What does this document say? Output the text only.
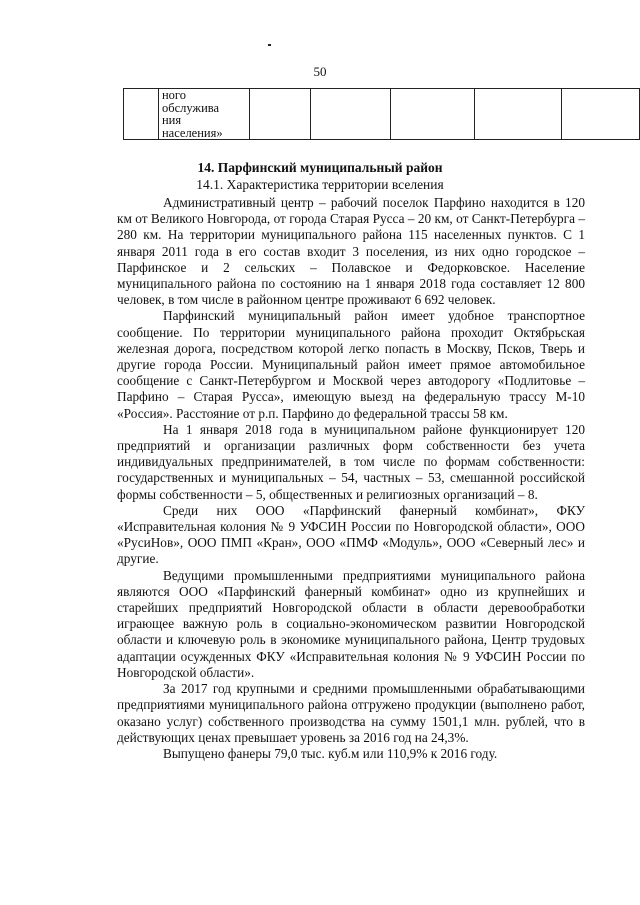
50

ного
обслужива
ния
населения»

14. Парфинский муниципальный район
14.1. Характеристика территории вселения

Административный центр – рабочий поселок Парфино находится в 120 км от Великого Новгорода, от города Старая Русса – 20 км, от Санкт-Петербурга – 280 км. На территории муниципального района 115 населенных пунктов. С 1 января 2011 года в его состав входит 3 поселения, из них одно городское – Парфинское и 2 сельских – Полавское и Федорковское. Население муниципального района по состоянию на 1 января 2018 года составляет 12 800 человек, в том числе в районном центре проживают 6 692 человек.

Парфинский муниципальный район имеет удобное транспортное сообщение. По территории муниципального района проходит Октябрьская железная дорога, посредством которой легко попасть в Москву, Псков, Тверь и другие города России. Муниципальный район имеет прямое автомобильное сообщение с Санкт-Петербургом и Москвой через автодорогу «Подлитовье – Парфино – Старая Русса», имеющую выезд на федеральную трассу М-10 «Россия». Расстояние от р.п. Парфино до федеральной трассы 58 км.

На 1 января 2018 года в муниципальном районе функционирует 120 предприятий и организации различных форм собственности без учета индивидуальных предпринимателей, в том числе по формам собственности: государственных и муниципальных – 54, частных – 53, смешанной российской формы собственности – 5, общественных и религиозных организаций – 8.

Среди них ООО «Парфинский фанерный комбинат», ФКУ «Исправительная колония № 9 УФСИН России по Новгородской области», ООО «РусиНов», ООО ПМП «Кран», ООО «ПМФ «Модуль», ООО «Северный лес» и другие.

Ведущими промышленными предприятиями муниципального района являются ООО «Парфинский фанерный комбинат» одно из крупнейших и старейших предприятий Новгородской области в области деревообработки играющее важную роль в социально-экономическом развитии Новгородской области и ключевую роль в экономике муниципального района, Центр трудовых адаптации осужденных ФКУ «Исправительная колония № 9 УФСИН России по Новгородской области».

За 2017 год крупными и средними промышленными обрабатывающими предприятиями муниципального района отгружено продукции (выполнено работ, оказано услуг) собственного производства на сумму 1501,1 млн. рублей, что в действующих ценах превышает уровень за 2016 год на 24,3%.

Выпущено фанеры 79,0 тыс. куб.м или 110,9% к 2016 году.
